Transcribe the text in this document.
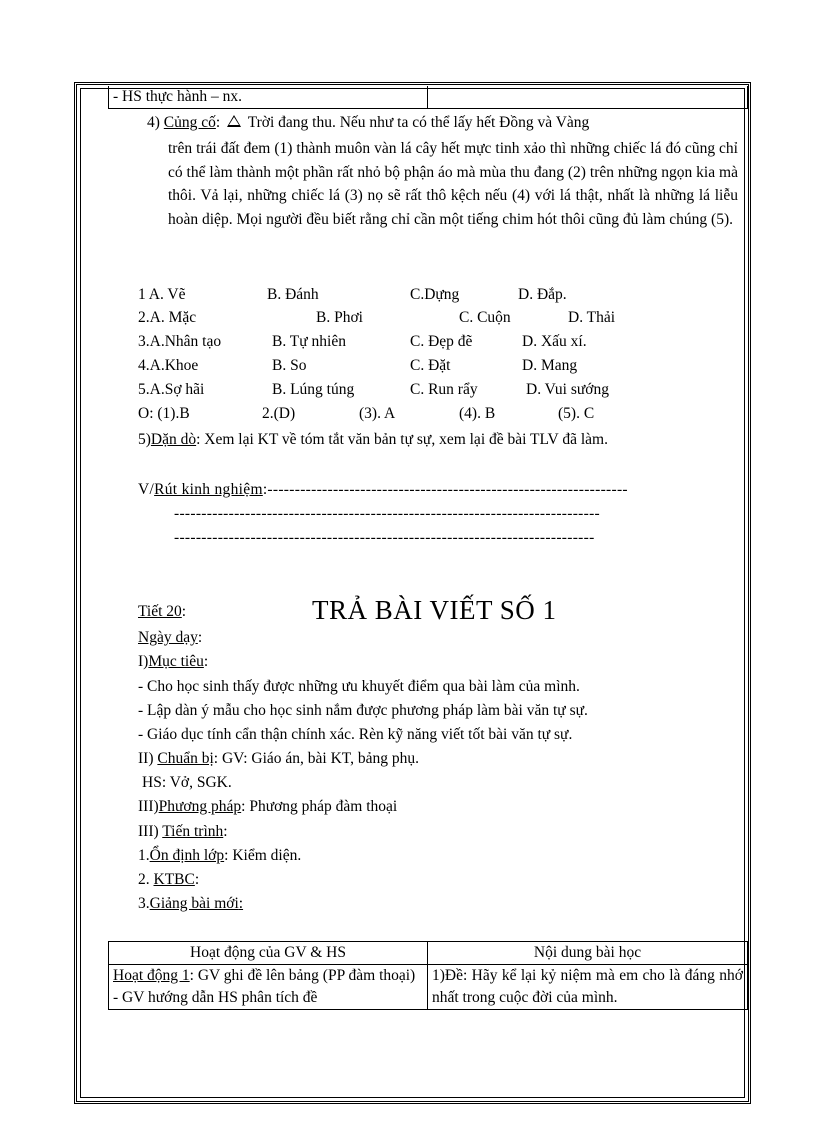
- HS thực hành – nx.	
4) Củng cố:  Trời đang thu. Nếu như ta có thể lấy hết Đồng và Vàng
trên trái đất đem (1) thành muôn vàn lá cây hết mực tinh xảo thì những chiếc lá đó cũng chỉ có thể làm thành một phần rất nhỏ bộ phận áo mà mùa thu đang (2) trên những ngọn kia mà thôi. Vả lại, những chiếc lá (3) nọ sẽ rất thô kệch nếu (4) với lá thật, nhất là những lá liễu hoàn diệp. Mọi người đều biết rằng chỉ cần một tiếng chim hót thôi cũng đủ làm chúng (5).
1 A. Vẽ	B. Đánh	C.Dựng	D. Đắp.
2.A. Mặc	B. Phơi	C. Cuộn	D. Thải
3.A.Nhân tạo	B. Tự nhiên	C. Đẹp đẽ	D. Xấu xí.
4.A.Khoe	B. So	C. Đặt	D. Mang
5.A.Sợ hãi	B. Lúng túng	C. Run rẩy	D. Vui sướng
O: (1).B	2.(D)	(3). A	(4). B	(5). C
5)Dặn dò: Xem lại KT về tóm tắt văn bản tự sự, xem lại đề bài TLV đã làm.
V/Rút kinh nghiệm:------------------------------------------------------------------
------------------------------------------------------------------------------
-----------------------------------------------------------------------------
Tiết 20:	TRẢ BÀI VIẾT SỐ 1
Ngày dạy:
I)Mục tiêu:
- Cho học sinh thấy được những ưu khuyết điểm qua bài làm của mình.
- Lập dàn ý mẫu cho học sinh nắm được phương pháp làm bài văn tự sự.
- Giáo dục tính cẩn thận chính xác. Rèn kỹ năng viết tốt bài văn tự sự.
II) Chuẩn bị: GV: Giáo án, bài KT, bảng phụ.
HS: Vở, SGK.
III)Phương pháp: Phương pháp đàm thoại
III) Tiến trình:
1.Ổn định lớp: Kiểm diện.
2. KTBC:
3.Giảng bài mới:
Hoạt động của GV & HS	Nội dung bài học
Hoạt động 1: GV ghi đề lên bảng (PP đàm thoại)
- GV hướng dẫn HS phân tích đề	1)Đề: Hãy kể lại kỷ niệm mà em cho là đáng nhớ nhất trong cuộc đời của mình.
